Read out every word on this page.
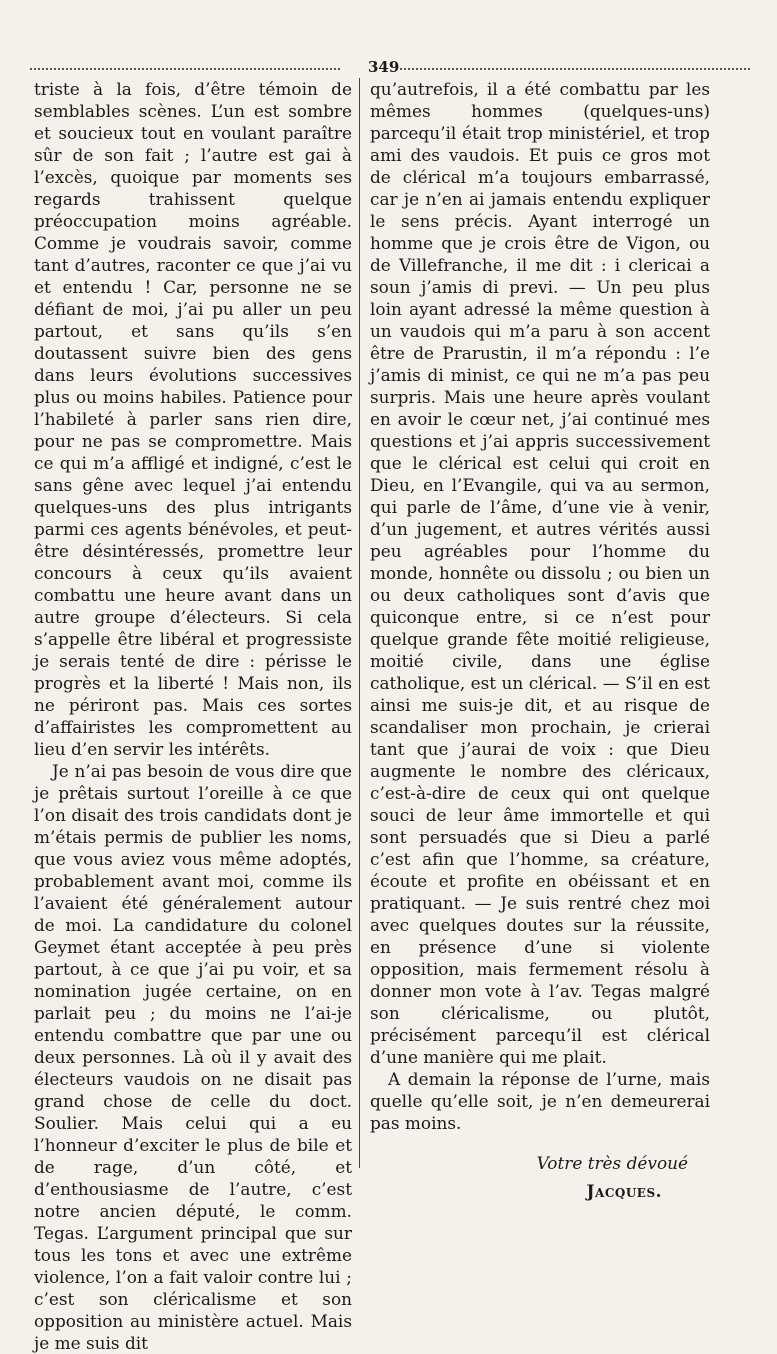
349

triste à la fois, d’être témoin de semblables scènes. L’un est sombre et soucieux tout en voulant paraître sûr de son fait ; l’autre est gai à l’excès, quoique par moments ses regards trahissent quelque préoccupation moins agréable. Comme je voudrais savoir, comme tant d’autres, raconter ce que j’ai vu et entendu ! Car, personne ne se défiant de moi, j’ai pu aller un peu partout, et sans qu’ils s’en doutassent suivre bien des gens dans leurs évolutions successives plus ou moins habiles. Patience pour l’habileté à parler sans rien dire, pour ne pas se compromettre. Mais ce qui m’a affligé et indigné, c’est le sans gêne avec lequel j’ai entendu quelques-uns des plus intrigants parmi ces agents bénévoles, et peut-être désintéressés, promettre leur concours à ceux qu’ils avaient combattu une heure avant dans un autre groupe d’électeurs. Si cela s’appelle être libéral et progressiste je serais tenté de dire : périsse le progrès et la liberté ! Mais non, ils ne périront pas. Mais ces sortes d’affairistes les compromettent au lieu d’en servir les intérêts.

Je n’ai pas besoin de vous dire que je prêtais surtout l’oreille à ce que l’on disait des trois candidats dont je m’étais permis de publier les noms, que vous aviez vous même adoptés, probablement avant moi, comme ils l’avaient été généralement autour de moi. La candidature du colonel Geymet étant acceptée à peu près partout, à ce que j’ai pu voir, et sa nomination jugée certaine, on en parlait peu ; du moins ne l’ai-je entendu combattre que par une ou deux personnes. Là où il y avait des électeurs vaudois on ne disait pas grand chose de celle du doct. Soulier. Mais celui qui a eu l’honneur d’exciter le plus de bile et de rage, d’un côté, et d’enthousiasme de l’autre, c’est notre ancien député, le comm. Tegas. L’argument principal que sur tous les tons et avec une extrême violence, l’on a fait valoir contre lui ; c’est son cléricalisme et son opposition au ministère actuel. Mais je me suis dit

qu’autrefois, il a été combattu par les mêmes hommes (quelques-uns) parcequ’il était trop ministériel, et trop ami des vaudois. Et puis ce gros mot de clérical m’a toujours embarrassé, car je n’en ai jamais entendu expliquer le sens précis. Ayant interrogé un homme que je crois être de Vigon, ou de Villefranche, il me dit : i clericai a soun j’amis di previ. — Un peu plus loin ayant adressé la même question à un vaudois qui m’a paru à son accent être de Prarustin, il m’a répondu : l’e j’amis di minist, ce qui ne m’a pas peu surpris. Mais une heure après voulant en avoir le cœur net, j’ai continué mes questions et j’ai appris successivement que le clérical est celui qui croit en Dieu, en l’Evangile, qui va au sermon, qui parle de l’âme, d’une vie à venir, d’un jugement, et autres vérités aussi peu agréables pour l’homme du monde, honnête ou dissolu ; ou bien un ou deux catholiques sont d’avis que quiconque entre, si ce n’est pour quelque grande fête moitié religieuse, moitié civile, dans une église catholique, est un clérical. — S’il en est ainsi me suis-je dit, et au risque de scandaliser mon prochain, je crierai tant que j’aurai de voix : que Dieu augmente le nombre des cléricaux, c’est-à-dire de ceux qui ont quelque souci de leur âme immortelle et qui sont persuadés que si Dieu a parlé c’est afin que l’homme, sa créature, écoute et profite en obéissant et en pratiquant. — Je suis rentré chez moi avec quelques doutes sur la réussite, en présence d’une si violente opposition, mais fermement résolu à donner mon vote à l’av. Tegas malgré son cléricalisme, ou plutôt, précisément parcequ’il est clérical d’une manière qui me plait.

A demain la réponse de l’urne, mais quelle qu’elle soit, je n’en demeurerai pas moins.

Votre très dévoué

Jacques.
